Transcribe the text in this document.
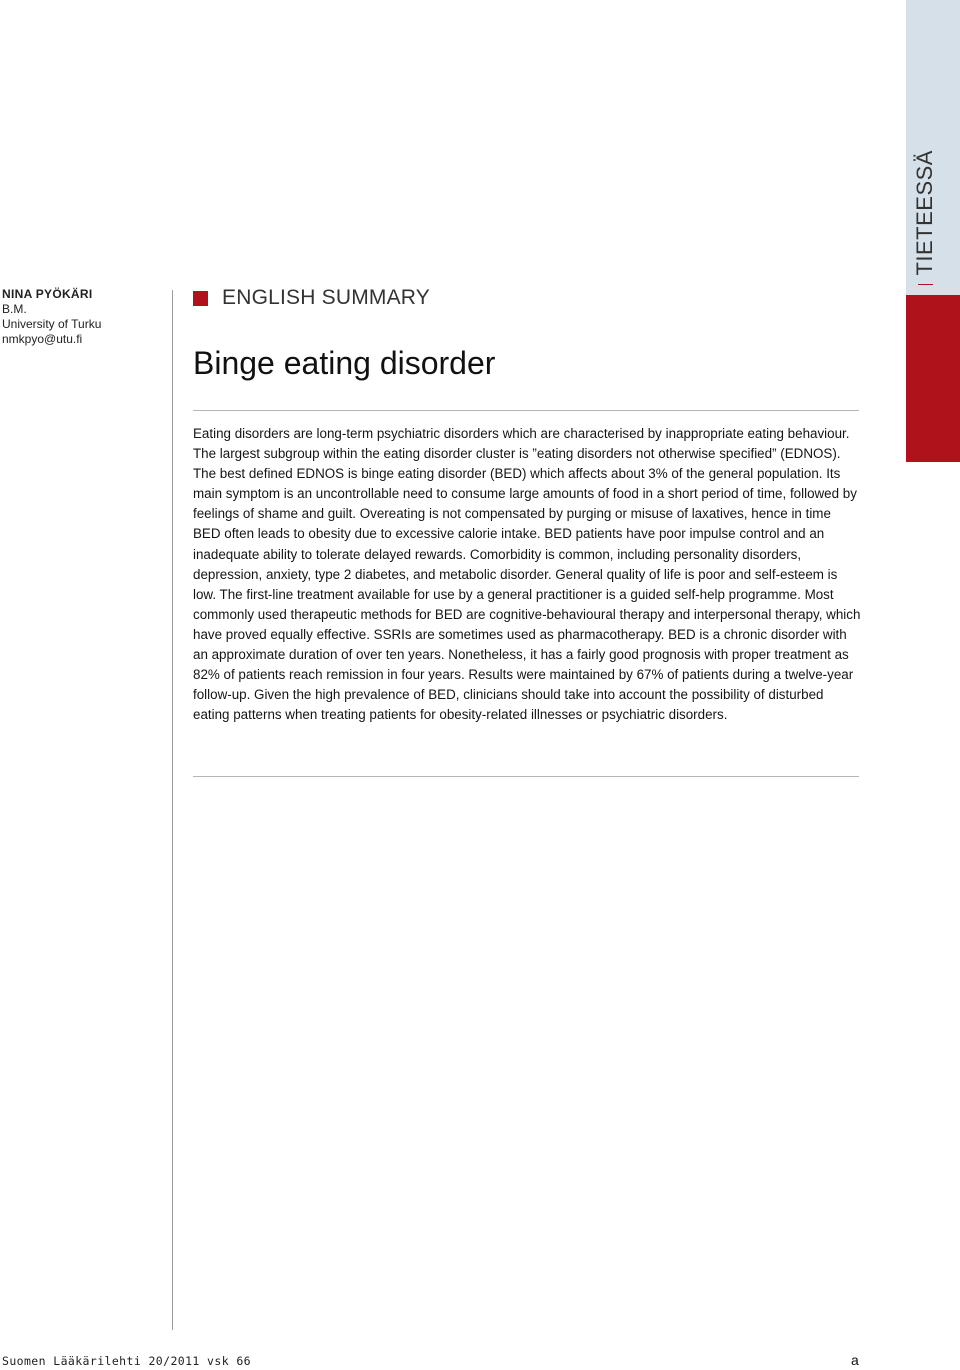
NINA PYÖKÄRI
B.M.
University of Turku
nmkpyo@utu.fi
ENGLISH SUMMARY
Binge eating disorder

Eating disorders are long-term psychiatric disorders which are characterised by inappropriate eating behaviour. The largest subgroup within the eating disorder cluster is ”eating disorders not otherwise specified” (EDNOS). The best defined EDNOS is binge eating disorder (BED) which affects about 3% of the general population. Its main symptom is an uncontrollable need to consume large amounts of food in a short period of time, followed by feelings of shame and guilt. Overeating is not compensated by purging or misuse of laxatives, hence in time BED often leads to obesity due to excessive calorie intake. BED patients have poor impulse control and an inadequate ability to tolerate delayed rewards. Comorbidity is common, including personality disorders, depression, anxiety, type 2 diabetes, and metabolic disorder. General quality of life is poor and self-esteem is low. The first-line treatment available for use by a general practitioner is a guided self-help programme. Most commonly used therapeutic methods for BED are cognitive-behavioural therapy and interpersonal therapy, which have proved equally effective. SSRIs are sometimes used as pharmacotherapy. BED is a chronic disorder with an approximate duration of over ten years. Nonetheless, it has a fairly good prognosis with proper treatment as 82% of patients reach remission in four years. Results were maintained by 67% of patients during a twelve-year follow-up. Given the high prevalence of BED, clinicians should take into account the possibility of disturbed eating patterns when treating patients for obesity-related illnesses or psychiatric disorders.

TIETEESSÄ
Suomen Lääkärilehti 20/2011 vsk 66	a
